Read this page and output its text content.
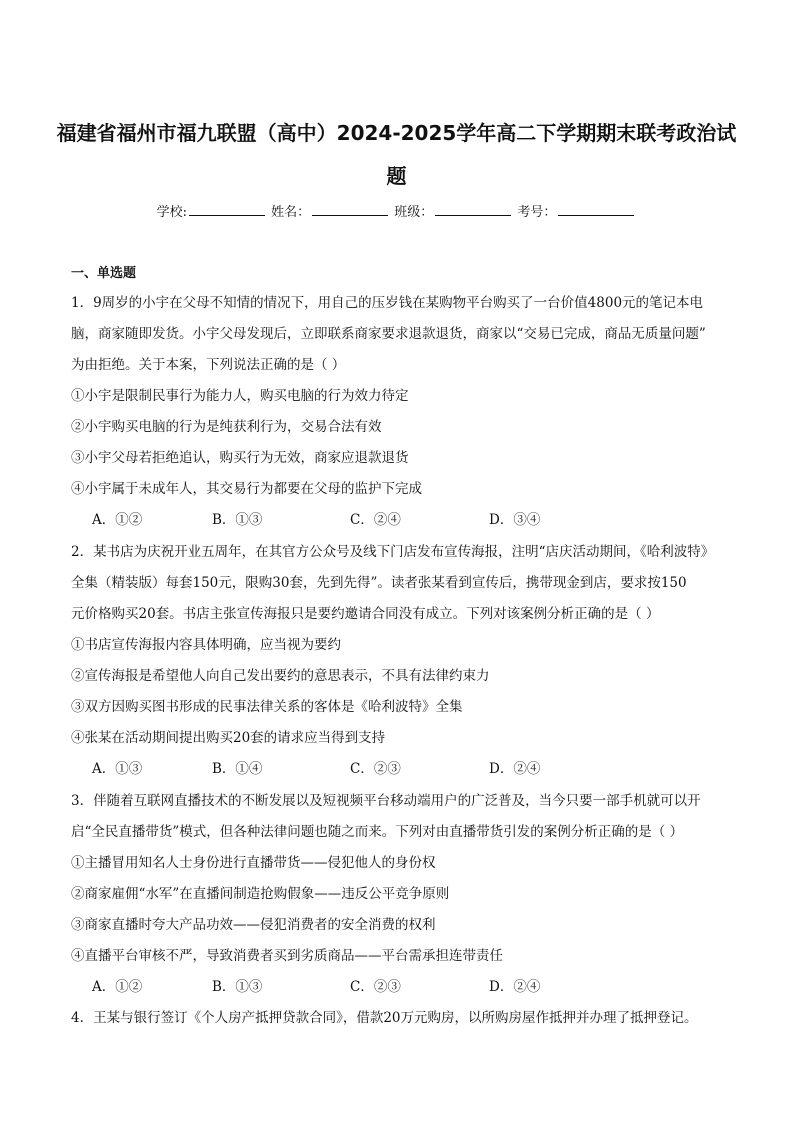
福建省福州市福九联盟（高中）2024-2025学年高二下学期期末联考政治试
题
学校:	姓名：	班级：	考号：
一、单选题
1．9周岁的小宇在父母不知情的情况下，用自己的压岁钱在某购物平台购买了一台价值4800元的笔记本电
脑，商家随即发货。小宇父母发现后，立即联系商家要求退款退货，商家以“交易已完成，商品无质量问题”
为由拒绝。关于本案，下列说法正确的是（ ）
①小宇是限制民事行为能力人，购买电脑的行为效力待定
②小宇购买电脑的行为是纯获利行为，交易合法有效
③小宇父母若拒绝追认，购买行为无效，商家应退款退货
④小宇属于未成年人，其交易行为都要在父母的监护下完成
A．①②	B．①③	C．②④	D．③④
2．某书店为庆祝开业五周年，在其官方公众号及线下门店发布宣传海报，注明“店庆活动期间，《哈利波特》
全集（精装版）每套150元，限购30套，先到先得”。读者张某看到宣传后，携带现金到店，要求按150
元价格购买20套。书店主张宣传海报只是要约邀请合同没有成立。下列对该案例分析正确的是（ ）
①书店宣传海报内容具体明确，应当视为要约
②宣传海报是希望他人向自己发出要约的意思表示，不具有法律约束力
③双方因购买图书形成的民事法律关系的客体是《哈利波特》全集
④张某在活动期间提出购买20套的请求应当得到支持
A．①③	B．①④	C．②③	D．②④
3．伴随着互联网直播技术的不断发展以及短视频平台移动端用户的广泛普及，当今只要一部手机就可以开
启“全民直播带货”模式，但各种法律问题也随之而来。下列对由直播带货引发的案例分析正确的是（ ）
①主播冒用知名人士身份进行直播带货——侵犯他人的身份权
②商家雇佣“水军”在直播间制造抢购假象——违反公平竞争原则
③商家直播时夸大产品功效——侵犯消费者的安全消费的权利
④直播平台审核不严，导致消费者买到劣质商品——平台需承担连带责任
A．①②	B．①③	C．②③	D．②④
4．王某与银行签订《个人房产抵押贷款合同》，借款20万元购房，以所购房屋作抵押并办理了抵押登记。
